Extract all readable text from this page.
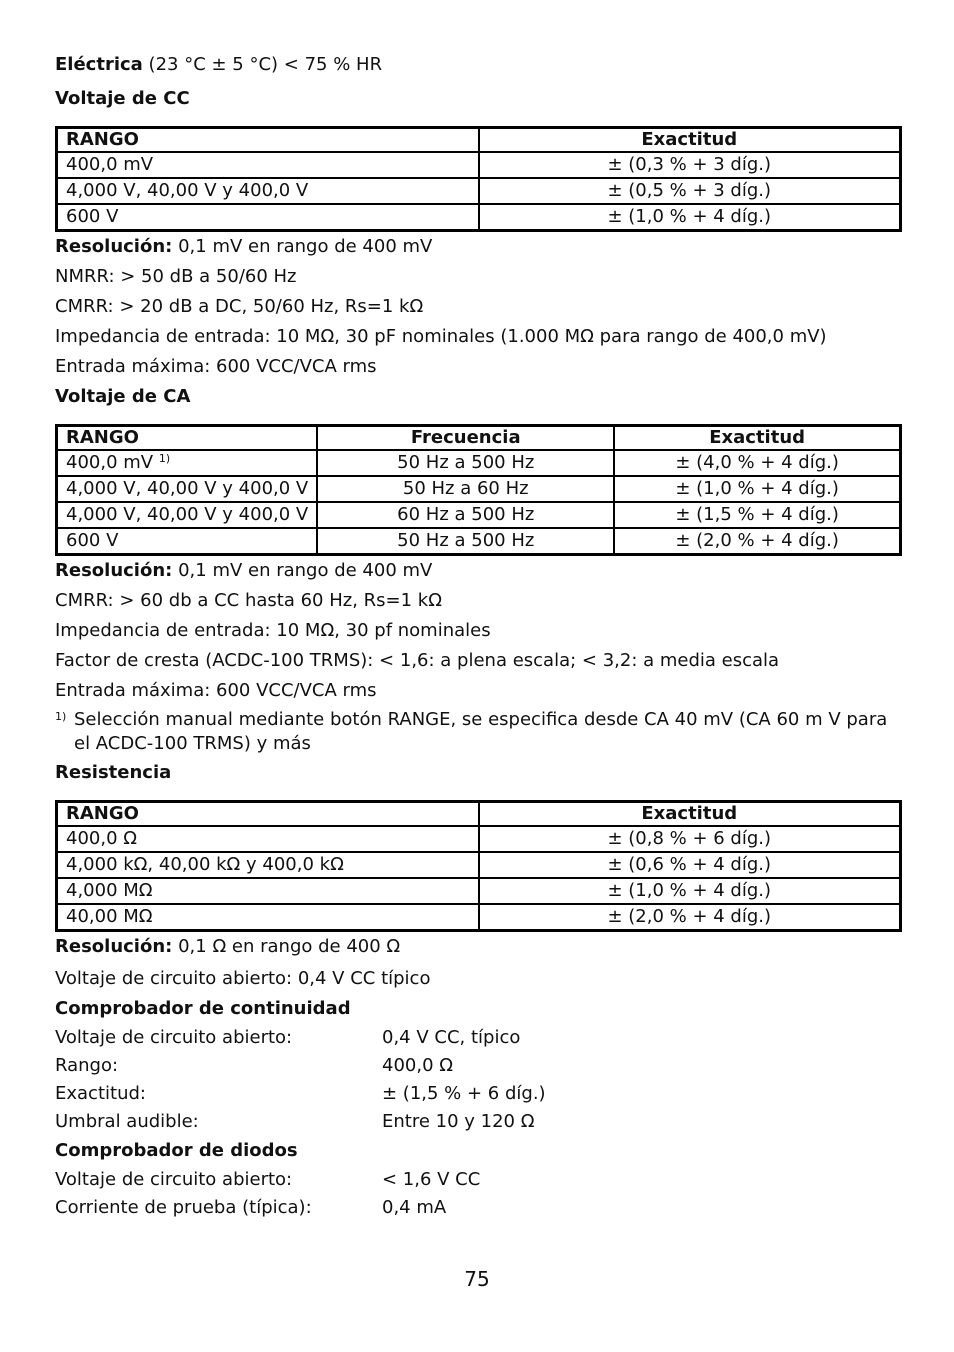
Eléctrica (23 °C ± 5 °C) < 75 % HR
Voltaje de CC
RANGO	Exactitud
400,0 mV	± (0,3 % + 3 díg.)
4,000 V, 40,00 V y 400,0 V	± (0,5 % + 3 díg.)
600 V	± (1,0 % + 4 díg.)
Resolución: 0,1 mV en rango de 400 mV
NMRR: > 50 dB a 50/60 Hz
CMRR: > 20 dB a DC, 50/60 Hz, Rs=1 kΩ
Impedancia de entrada: 10 MΩ, 30 pF nominales (1.000 MΩ para rango de 400,0 mV)
Entrada máxima: 600 VCC/VCA rms
Voltaje de CA
RANGO	Frecuencia	Exactitud
400,0 mV $^{1)}$	50 Hz a 500 Hz	± (4,0 % + 4 díg.)
4,000 V, 40,00 V y 400,0 V	50 Hz a 60 Hz	± (1,0 % + 4 díg.)
4,000 V, 40,00 V y 400,0 V	60 Hz a 500 Hz	± (1,5 % + 4 díg.)
600 V	50 Hz a 500 Hz	± (2,0 % + 4 díg.)
Resolución: 0,1 mV en rango de 400 mV
CMRR: > 60 db a CC hasta 60 Hz, Rs=1 kΩ
Impedancia de entrada: 10 MΩ, 30 pf nominales
Factor de cresta (ACDC-100 TRMS): < 1,6: a plena escala; < 3,2: a media escala
Entrada máxima: 600 VCC/VCA rms
1) Selección manual mediante botón RANGE, se especifica desde CA 40 mV (CA 60 m V para el ACDC-100 TRMS) y más
Resistencia
RANGO	Exactitud
400,0 Ω	± (0,8 % + 6 díg.)
4,000 kΩ, 40,00 kΩ y 400,0 kΩ	± (0,6 % + 4 díg.)
4,000 MΩ	± (1,0 % + 4 díg.)
40,00 MΩ	± (2,0 % + 4 díg.)
Resolución: 0,1 Ω en rango de 400 Ω
Voltaje de circuito abierto: 0,4 V CC típico
Comprobador de continuidad
Voltaje de circuito abierto:	0,4 V CC, típico
Rango:	400,0 Ω
Exactitud:	± (1,5 % + 6 díg.)
Umbral audible:	Entre 10 y 120 Ω
Comprobador de diodos
Voltaje de circuito abierto:	< 1,6 V CC
Corriente de prueba (típica):	0,4 mA
75
